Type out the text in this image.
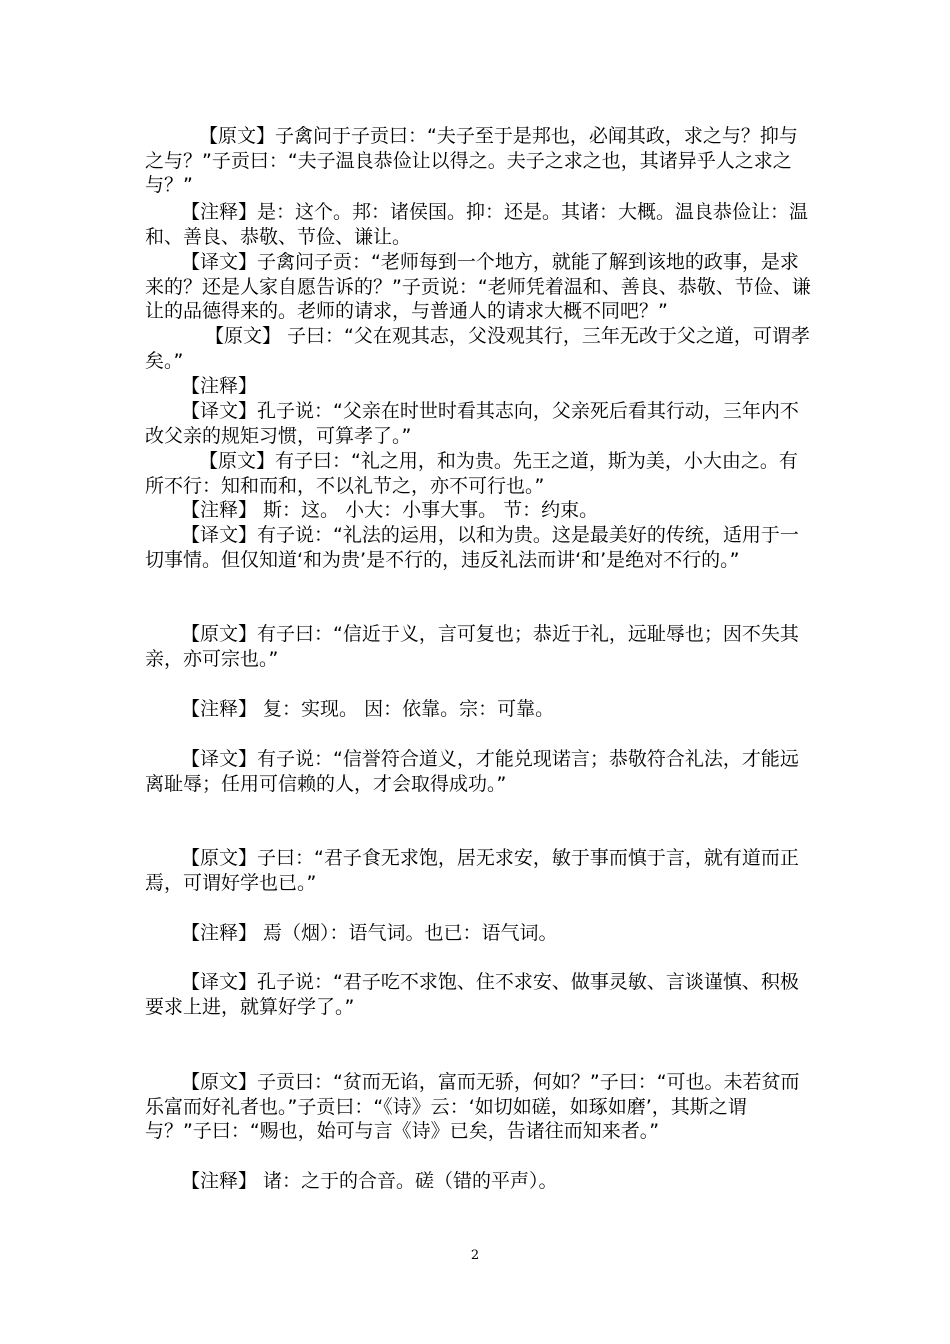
【原文】子禽问于子贡曰：“夫子至于是邦也，必闻其政，求之与？抑与之与？”子贡曰：“夫子温良恭俭让以得之。夫子之求之也，其诸异乎人之求之与？”

【注释】是：这个。邦：诸侯国。抑：还是。其诸：大概。温良恭俭让：温和、善良、恭敬、节俭、谦让。

【译文】子禽问子贡：“老师每到一个地方，就能了解到该地的政事，是求来的？还是人家自愿告诉的？”子贡说：“老师凭着温和、善良、恭敬、节俭、谦让的品德得来的。老师的请求，与普通人的请求大概不同吧？”

【原文】 子曰：“父在观其志，父没观其行，三年无改于父之道，可谓孝矣。”

【注释】

【译文】孔子说：“父亲在时世时看其志向，父亲死后看其行动，三年内不改父亲的规矩习惯，可算孝了。”

【原文】有子曰：“礼之用，和为贵。先王之道，斯为美，小大由之。有所不行：知和而和，不以礼节之，亦不可行也。”

【注释】 斯：这。 小大：小事大事。 节：约束。

【译文】有子说：“礼法的运用，以和为贵。这是最美好的传统，适用于一切事情。但仅知道‘和为贵’是不行的，违反礼法而讲‘和’是绝对不行的。”

【原文】有子曰：“信近于义，言可复也；恭近于礼，远耻辱也；因不失其亲，亦可宗也。”

【注释】 复：实现。 因：依靠。宗：可靠。

【译文】有子说：“信誉符合道义，才能兑现诺言；恭敬符合礼法，才能远离耻辱；任用可信赖的人，才会取得成功。”

【原文】子曰：“君子食无求饱，居无求安，敏于事而慎于言，就有道而正焉，可谓好学也已。”

【注释】 焉（烟）：语气词。也已：语气词。

【译文】孔子说：“君子吃不求饱、住不求安、做事灵敏、言谈谨慎、积极要求上进，就算好学了。”

【原文】子贡曰：“贫而无谄，富而无骄，何如？”子曰：“可也。未若贫而乐富而好礼者也。”子贡曰：“《诗》云：‘如切如磋，如琢如磨’，其斯之谓与？”子曰：“赐也，始可与言《诗》已矣，告诸往而知来者。”

【注释】 诸：之于的合音。磋（错的平声）。

2
